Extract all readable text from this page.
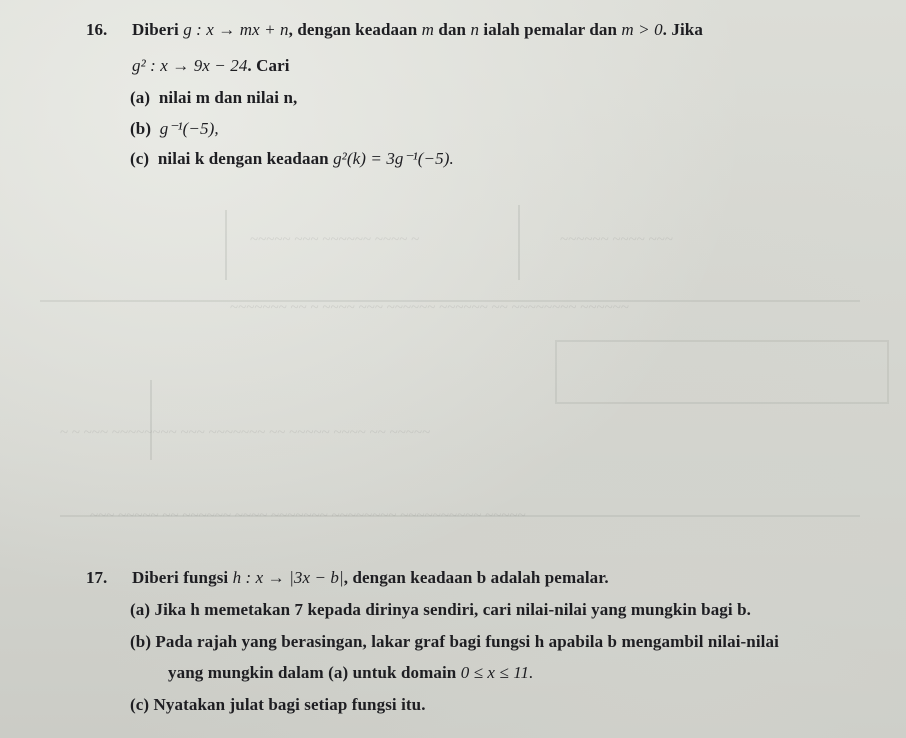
~~~~~ ~~~ ~~~~~~ ~~~~ ~	~~~~~~ ~~~~ ~~~
~~~~~~~ ~~ ~ ~~~~ ~~~ ~~~~~~ ~~~~~~ ~~ ~~~~~~~~ ~~~~~~
~~~ ~~~~~ ~~ ~~~~~~ ~~~~ ~~~~~~~ ~~~~~~~~ ~~~~~~~~~~ ~~~~~
~ ~ ~~~ ~~~~~~~~ ~~~ ~~~~~~~ ~~ ~~~~~ ~~~~ ~~ ~~~~~
16. Diberi g : x → mx + n, dengan keadaan m dan n ialah pemalar dan m > 0. Jika
g² : x → 9x − 24. Cari
(a) nilai m dan nilai n,
(b) g⁻¹(−5),
(c) nilai k dengan keadaan g²(k) = 3g⁻¹(−5).
17. Diberi fungsi h : x → |3x − b|, dengan keadaan b adalah pemalar.
(a) Jika h memetakan 7 kepada dirinya sendiri, cari nilai-nilai yang mungkin bagi b.
(b) Pada rajah yang berasingan, lakar graf bagi fungsi h apabila b mengambil nilai-nilai
yang mungkin dalam (a) untuk domain 0 ≤ x ≤ 11.
(c) Nyatakan julat bagi setiap fungsi itu.
